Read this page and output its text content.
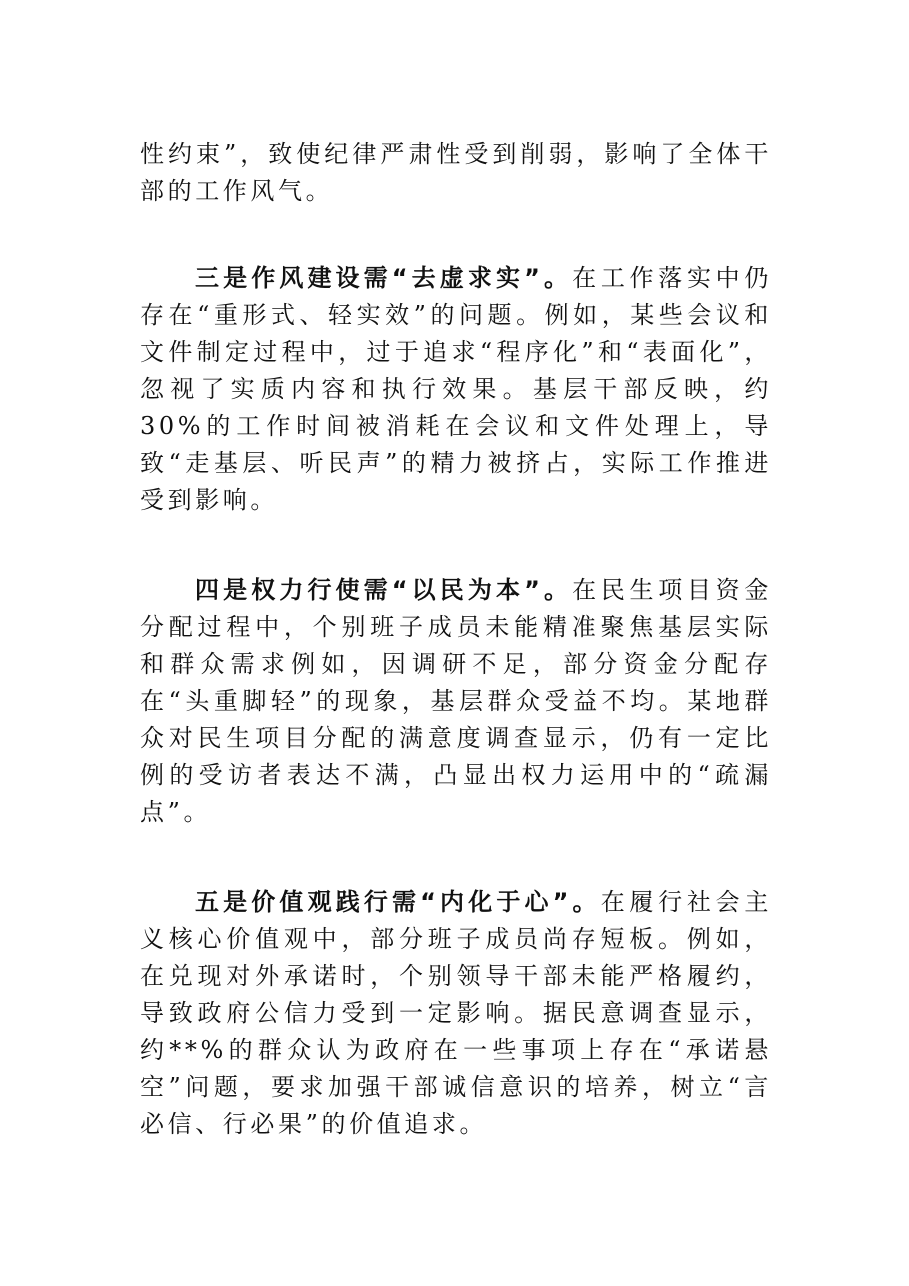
性约束”，致使纪律严肃性受到削弱，影响了全体干部的工作风气。

三是作风建设需“去虚求实”。在工作落实中仍存在“重形式、轻实效”的问题。例如，某些会议和文件制定过程中，过于追求“程序化”和“表面化”，忽视了实质内容和执行效果。基层干部反映，约30%的工作时间被消耗在会议和文件处理上，导致“走基层、听民声”的精力被挤占，实际工作推进受到影响。

四是权力行使需“以民为本”。在民生项目资金分配过程中，个别班子成员未能精准聚焦基层实际和群众需求例如，因调研不足，部分资金分配存在“头重脚轻”的现象，基层群众受益不均。某地群众对民生项目分配的满意度调查显示，仍有一定比例的受访者表达不满，凸显出权力运用中的“疏漏点”。

五是价值观践行需“内化于心”。在履行社会主义核心价值观中，部分班子成员尚存短板。例如，在兑现对外承诺时，个别领导干部未能严格履约，导致政府公信力受到一定影响。据民意调查显示，约**%的群众认为政府在一些事项上存在“承诺悬空”问题，要求加强干部诚信意识的培养，树立“言必信、行必果”的价值追求。
